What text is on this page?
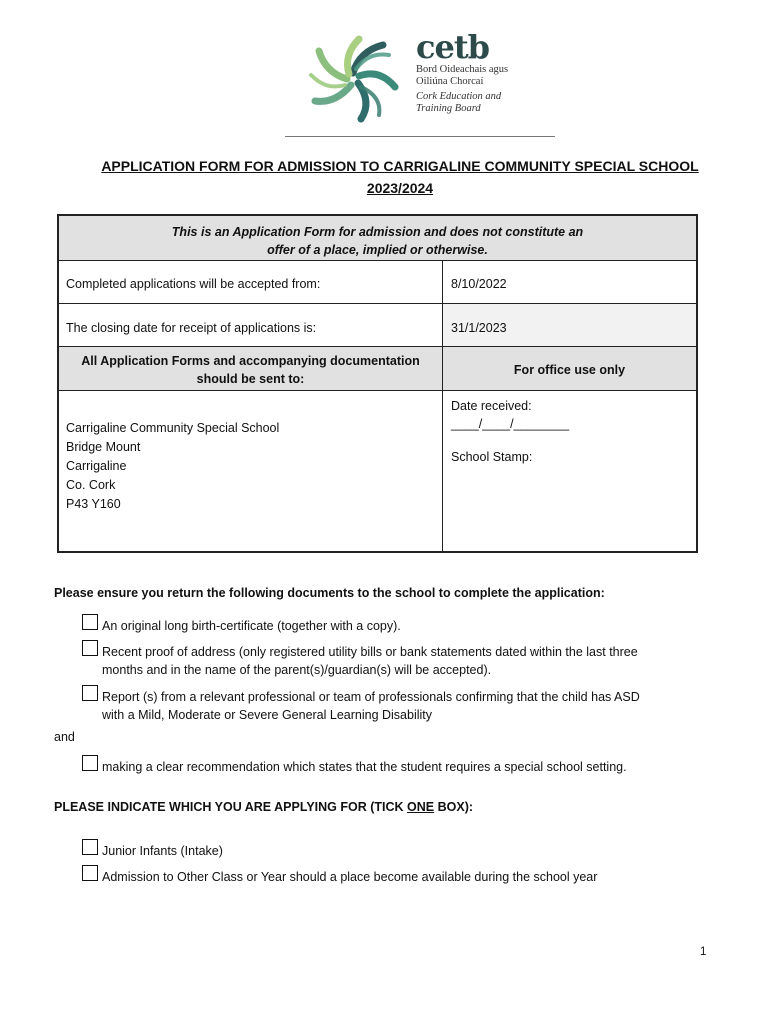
cetb
Bord Oideachais agus
Oiliúna Chorcaí
Cork Education and
Training Board
APPLICATION FORM FOR ADMISSION TO CARRIGALINE COMMUNITY SPECIAL SCHOOL
2023/2024
This is an Application Form for admission and does not constitute an
offer of a place, implied or otherwise.
Completed applications will be accepted from:	8/10/2022
The closing date for receipt of applications is:	31/1/2023
All Application Forms and accompanying documentation
should be sent to:
For office use only
Carrigaline Community Special School
Bridge Mount
Carrigaline
Co. Cork
P43 Y160
Date received:
____/____/________
School Stamp:
Please ensure you return the following documents to the school to complete the application:
An original long birth-certificate (together with a copy).
Recent proof of address (only registered utility bills or bank statements dated within the last three
months and in the name of the parent(s)/guardian(s) will be accepted).
Report (s) from a relevant professional or team of professionals confirming that the child has ASD
with a Mild, Moderate or Severe General Learning Disability
and
making a clear recommendation which states that the student requires a special school setting.
PLEASE INDICATE WHICH YOU ARE APPLYING FOR (TICK ONE BOX):
Junior Infants (Intake)
Admission to Other Class or Year should a place become available during the school year
1
